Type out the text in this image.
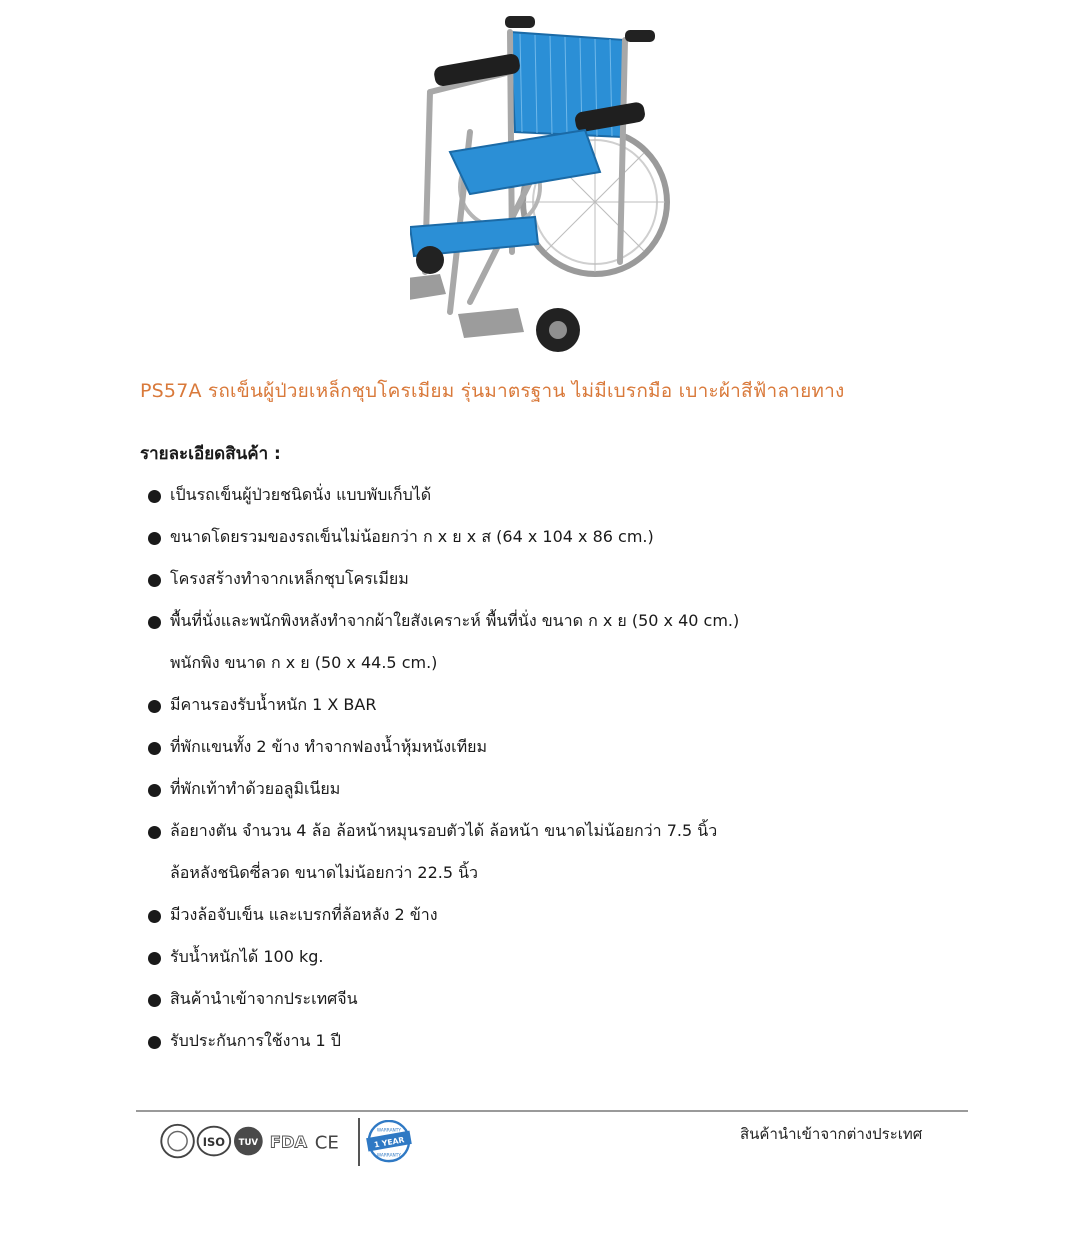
PS57A รถเข็นผู้ป่วยเหล็กชุบโครเมียม รุ่นมาตรฐาน ไม่มีเบรกมือ เบาะผ้าสีฟ้าลายทาง
รายละเอียดสินค้า :
เป็นรถเข็นผู้ป่วยชนิดนั่ง แบบพับเก็บได้
ขนาดโดยรวมของรถเข็นไม่น้อยกว่า ก x ย x ส (64 x 104 x 86 cm.)
โครงสร้างทำจากเหล็กชุบโครเมียม
พื้นที่นั่งและพนักพิงหลังทำจากผ้าใยสังเคราะห์ พื้นที่นั่ง ขนาด ก x ย (50 x 40 cm.)
มีคานรองรับน้ำหนัก 1 X BAR
ที่พักแขนทั้ง 2 ข้าง ทำจากฟองน้ำหุ้มหนังเทียม
ที่พักเท้าทำด้วยอลูมิเนียม
ล้อยางตัน จำนวน 4 ล้อ ล้อหน้าหมุนรอบตัวได้ ล้อหน้า ขนาดไม่น้อยกว่า 7.5 นิ้ว
มีวงล้อจับเข็น และเบรกที่ล้อหลัง 2 ข้าง
รับน้ำหนักได้ 100 kg.
สินค้านำเข้าจากประเทศจีน
รับประกันการใช้งาน 1 ปี
พนักพิง ขนาด ก x ย (50 x 44.5 cm.)
ล้อหลังชนิดซี่ลวด ขนาดไม่น้อยกว่า 22.5 นิ้ว
ISO TUV FDA CE	1 YEAR
WARRANTY
WARRANTY
สินค้านำเข้าจากต่างประเทศ
